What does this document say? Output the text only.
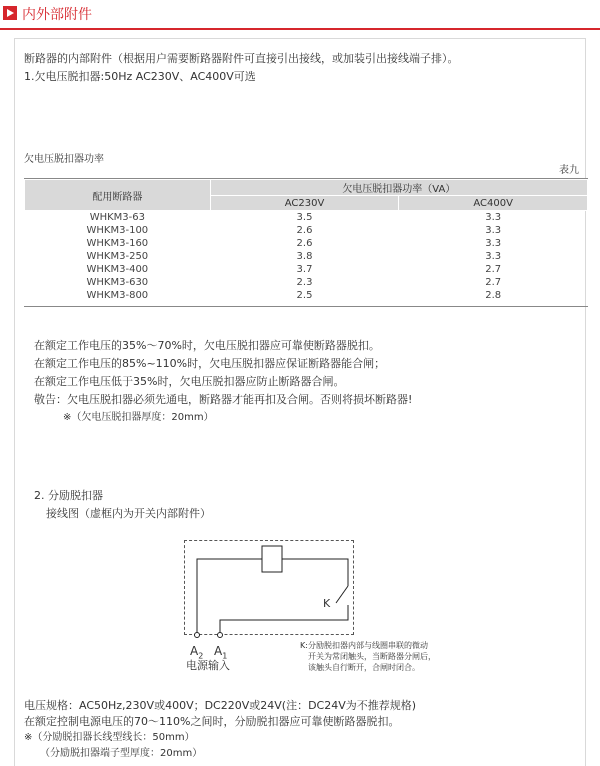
内外部附件
断路器的内部附件（根据用户需要断路器附件可直接引出接线，或加装引出接线端子排）。
1.欠电压脱扣器:50Hz AC230V、AC400V可选
欠电压脱扣器功率
表九
配用断路器	欠电压脱扣器功率（VA）	
	AC230V	AC400V
WHKM3-63	3.5	3.3
WHKM3-100	2.6	3.3
WHKM3-160	2.6	3.3
WHKM3-250	3.8	3.3
WHKM3-400	3.7	2.7
WHKM3-630	2.3	2.7
WHKM3-800	2.5	2.8
在额定工作电压的35%～70%时，欠电压脱扣器应可靠使断路器脱扣。
在额定工作电压的85%~110%时，欠电压脱扣器应保证断路器能合闸；
在额定工作电压低于35%时，欠电压脱扣器应防止断路器合闸。
敬告：欠电压脱扣器必须先通电，断路器才能再扣及合闸。否则将损坏断路器!
※（欠电压脱扣器厚度：20mm）
2. 分励脱扣器
接线图（虚框内为开关内部附件）
K
$A_2$ $A_1$
电源输入
K:分励脱扣器内部与线圈串联的微动
开关为常闭触头，当断路器分闸后，
该触头自行断开，合闸时闭合。
电压规格：AC50Hz,230V或400V；DC220V或24V(注：DC24V为不推荐规格)
在额定控制电源电压的70～110%之间时，分励脱扣器应可靠使断路器脱扣。
※（分励脱扣器长线型线长：50mm）
（分励脱扣器端子型厚度：20mm）
